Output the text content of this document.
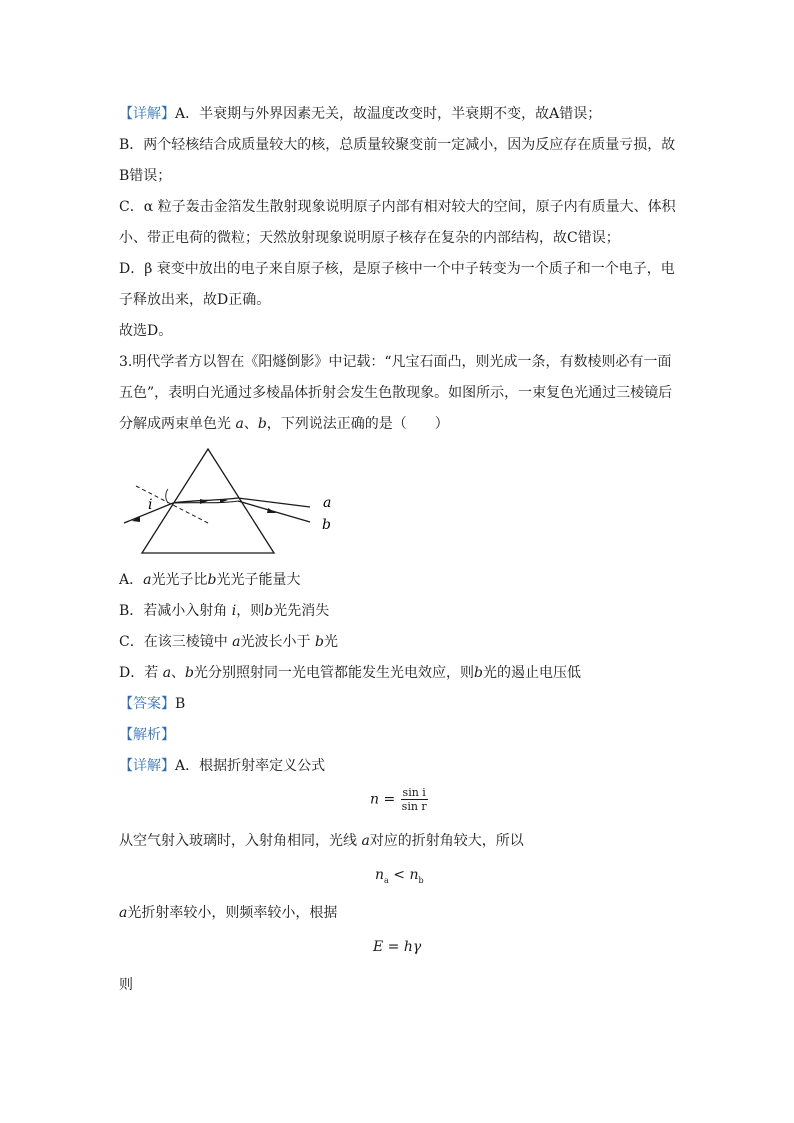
【详解】A．半衰期与外界因素无关，故温度改变时，半衰期不变，故A错误；
B．两个轻核结合成质量较大的核，总质量较聚变前一定减小，因为反应存在质量亏损，故
B错误；
C．α 粒子轰击金箔发生散射现象说明原子内部有相对较大的空间，原子内有质量大、体积
小、带正电荷的微粒；天然放射现象说明原子核存在复杂的内部结构，故C错误；
D．β 衰变中放出的电子来自原子核，是原子核中一个中子转变为一个质子和一个电子，电
子释放出来，故D正确。
故选D。
3.明代学者方以智在《阳燧倒影》中记载：“凡宝石面凸，则光成一条，有数棱则必有一面
五色”，表明白光通过多棱晶体折射会发生色散现象。如图所示，一束复色光通过三棱镜后
分解成两束单色光 a、b，下列说法正确的是（　　）
i	a
b
A．a光光子比b光光子能量大
B．若减小入射角 i，则b光先消失
C．在该三棱镜中 a光波长小于 b光
D．若 a、b光分别照射同一光电管都能发生光电效应，则b光的遏止电压低
【答案】B
【解析】
【详解】A．根据折射率定义公式
$n = \frac{\text{sin i}}{\text{sin r}}$
从空气射入玻璃时，入射角相同，光线 a对应的折射角较大，所以
$n_a < n_b$
a光折射率较小，则频率较小，根据
E = hγ
则
